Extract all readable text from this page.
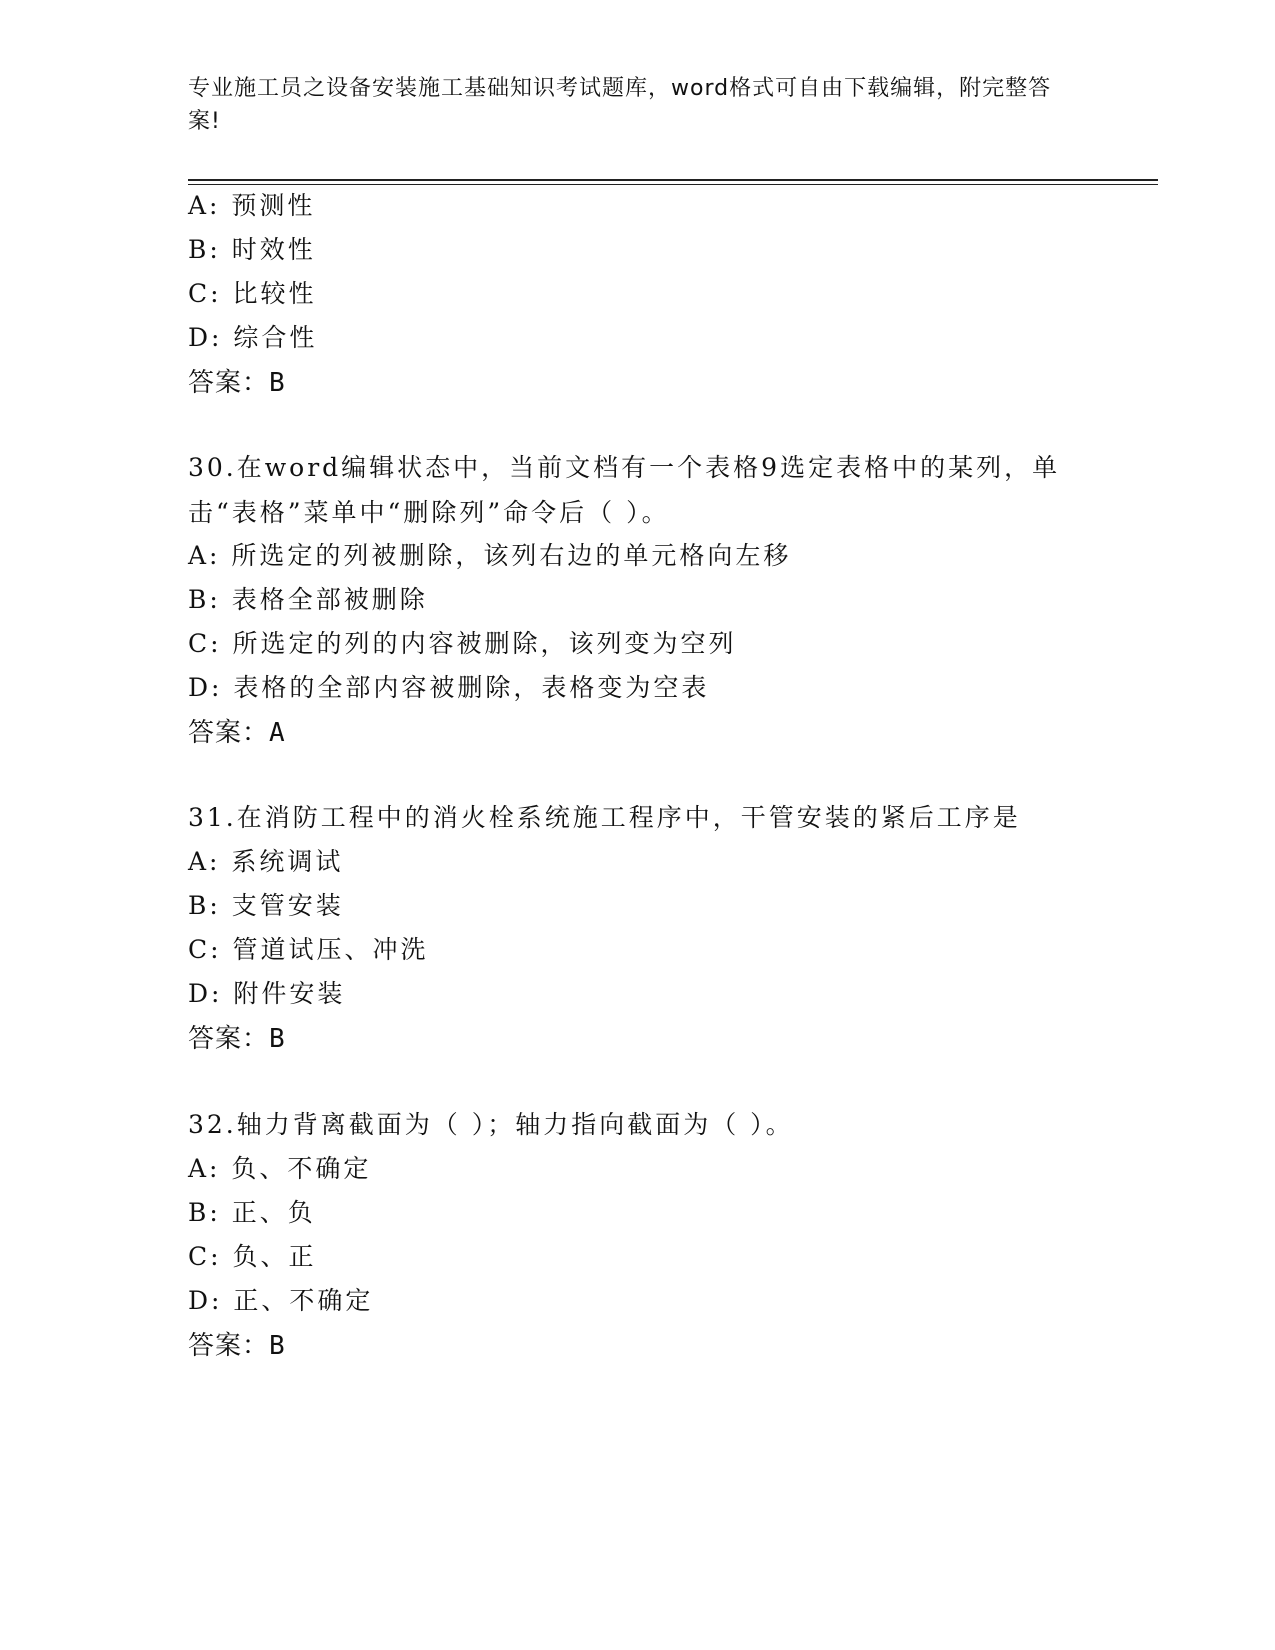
专业施工员之设备安装施工基础知识考试题库，word格式可自由下载编辑，附完整答案!
A: 预测性
B: 时效性
C: 比较性
D: 综合性
答案：B
30.在word编辑状态中，当前文档有一个表格9选定表格中的某列，单击“表格”菜单中“删除列”命令后（ ）。
A: 所选定的列被删除，该列右边的单元格向左移
B: 表格全部被删除
C: 所选定的列的内容被删除，该列变为空列
D: 表格的全部内容被删除，表格变为空表
答案：A
31.在消防工程中的消火栓系统施工程序中，干管安装的紧后工序是
A: 系统调试
B: 支管安装
C: 管道试压、冲洗
D: 附件安装
答案：B
32.轴力背离截面为（ ）；轴力指向截面为（ ）。
A: 负、不确定
B: 正、负
C: 负、正
D: 正、不确定
答案：B
